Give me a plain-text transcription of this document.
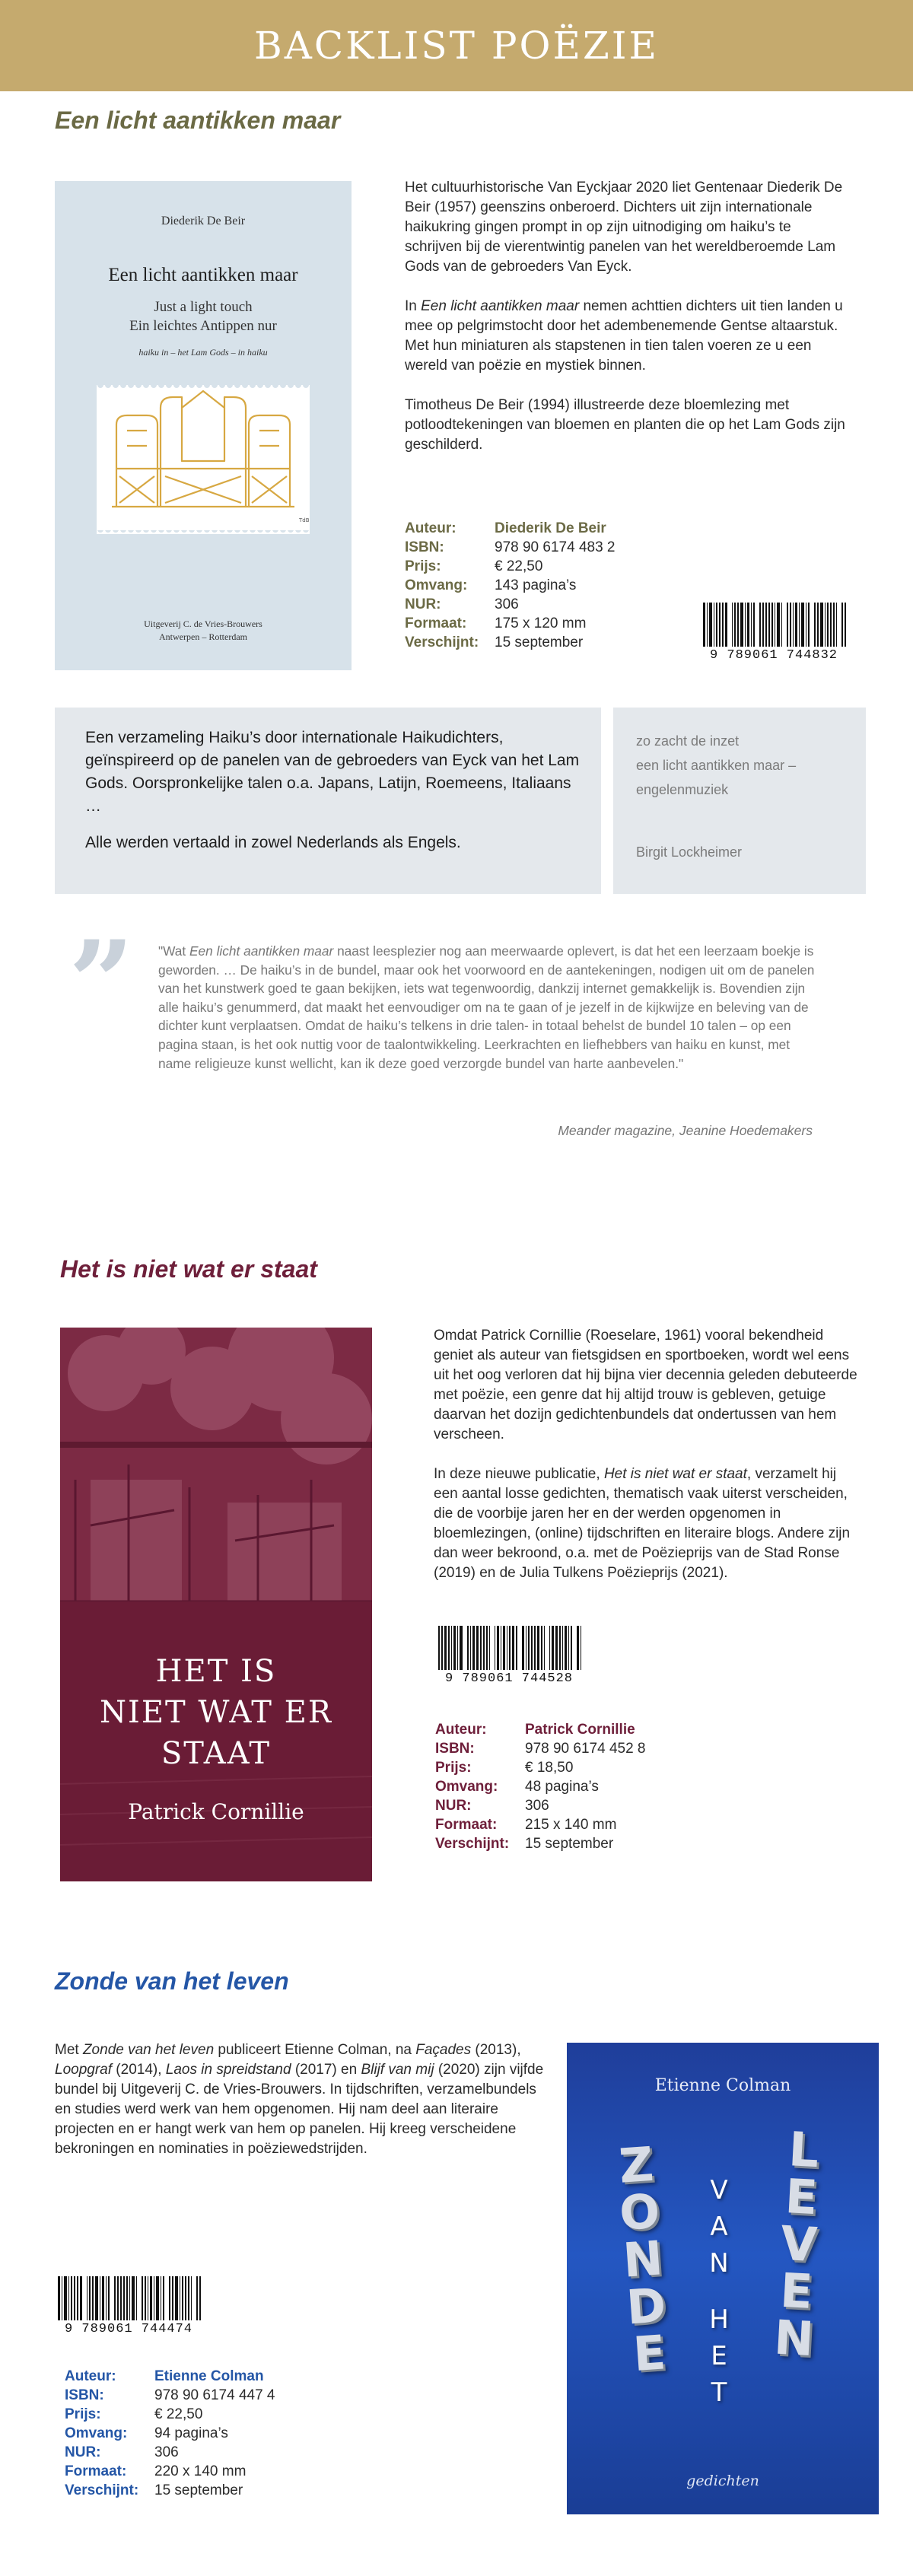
BACKLIST POËZIE
Een licht aantikken maar
Diederik De Beir
Een licht aantikken maar
Just a light touch
Ein leichtes Antippen nur
haiku in – het Lam Gods – in haiku
TdB
Uitgeverij C. de Vries-Brouwers
Antwerpen – Rotterdam

Het cultuurhistorische Van Eyckjaar 2020 liet Gentenaar Diederik De Beir (1957) geenszins onberoerd. Dichters uit zijn internationale haikukring gingen prompt in op zijn uitnodiging om haiku’s te schrijven bij de vierentwintig panelen van het wereldberoemde Lam Gods van de gebroeders Van Eyck.

In Een licht aantikken maar nemen achttien dichters uit tien landen u mee op pelgrimstocht door het adembenemende Gentse altaarstuk. Met hun miniaturen als stapstenen in tien talen voeren ze u een wereld van poëzie en mystiek binnen.

Timotheus De Beir (1994) illustreerde deze bloemlezing met potloodtekeningen van bloemen en planten die op het Lam Gods zijn geschilderd.

Auteur:	Diederik De Beir
ISBN:	978 90 6174 483 2
Prijs:	€ 22,50
Omvang:	143 pagina’s
NUR:	306
Formaat:	175 x 120 mm
Verschijnt:	15 september
9 789061 744832
Een verzameling Haiku’s door internationale Haikudichters, geïnspireerd op de panelen van de gebroeders van Eyck van het Lam Gods. Oorspronkelijke talen o.a. Japans, Latijn, Roemeens, Italiaans …
Alle werden vertaald in zowel Nederlands als Engels.
zo zacht de inzet
een licht aantikken maar –
engelenmuziek
Birgit Lockheimer
” "Wat Een licht aantikken maar naast leesplezier nog aan meerwaarde oplevert, is dat het een leerzaam boekje is geworden. … De haiku’s in de bundel, maar ook het voorwoord en de aantekeningen, nodigen uit om de panelen van het kunstwerk goed te gaan bekijken, iets wat tegenwoordig, dankzij internet gemakkelijk is. Bovendien zijn alle haiku’s genummerd, dat maakt het eenvoudiger om na te gaan of je jezelf in de kijkwijze en beleving van de dichter kunt verplaatsen. Omdat de haiku’s telkens in drie talen- in totaal behelst de bundel 10 talen – op een pagina staan, is het ook nuttig voor de taalontwikkeling. Leerkrachten en liefhebbers van haiku en kunst, met name religieuze kunst wellicht, kan ik deze goed verzorgde bundel van harte aanbevelen."
Meander magazine, Jeanine Hoedemakers
Het is niet wat er staat
HET IS
NIET WAT ER
STAAT
Patrick Cornillie

Omdat Patrick Cornillie (Roeselare, 1961) vooral bekendheid geniet als auteur van fietsgidsen en sportboeken, wordt wel eens uit het oog verloren dat hij bijna vier decennia geleden debuteerde met poëzie, een genre dat hij altijd trouw is gebleven, getuige daarvan het dozijn gedichtenbundels dat ondertussen van hem verscheen.

In deze nieuwe publicatie, Het is niet wat er staat, verzamelt hij een aantal losse gedichten, thematisch vaak uiterst verscheiden, die de voorbije jaren her en der werden opgenomen in bloemlezingen, (online) tijdschriften en literaire blogs. Andere zijn dan weer bekroond, o.a. met de Poëzieprijs van de Stad Ronse (2019) en de Julia Tulkens Poëzieprijs (2021).

9 789061 744528
Auteur:	Patrick Cornillie
ISBN:	978 90 6174 452 8
Prijs:	€ 18,50
Omvang:	48 pagina’s
NUR:	306
Formaat:	215 x 140 mm
Verschijnt:	15 september
Zonde van het leven

Met Zonde van het leven publiceert Etienne Colman, na Façades (2013), Loopgraf (2014), Laos in spreidstand (2017) en Blijf van mij (2020) zijn vijfde bundel bij Uitgeverij C. de Vries-Brouwers. In tijdschriften, verzamelbundels en studies werd werk van hem opgenomen. Hij nam deel aan literaire projecten en er hangt werk van hem op panelen. Hij kreeg verscheidene bekroningen en nominaties in poëziewedstrijden.

9 789061 744474
Auteur:	Etienne Colman
ISBN:	978 90 6174 447 4
Prijs:	€ 22,50
Omvang:	94 pagina’s
NUR:	306
Formaat:	220 x 140 mm
Verschijnt:	15 september
Etienne Colman
ZONDE
VAN
HET
LEVEN
gedichten
